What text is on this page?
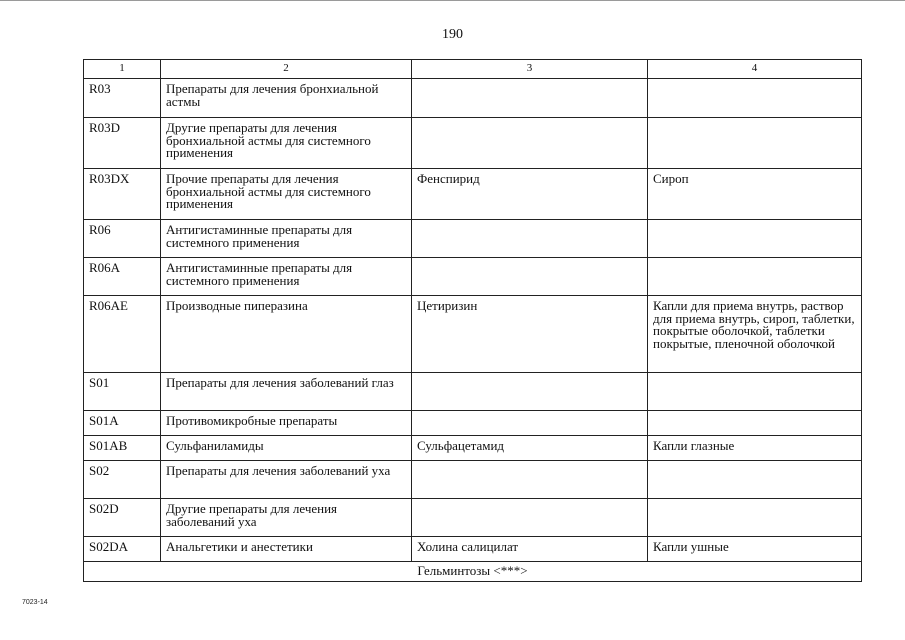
190
1	2	3	4
R03	Препараты для лечения бронхиальной астмы		
R03D	Другие препараты для лечения бронхиальной астмы для системного применения		
R03DX	Прочие препараты для лечения бронхиальной астмы для системного применения	Фенспирид	Сироп
R06	Антигистаминные препараты для системного применения		
R06A	Антигистаминные препараты для системного применения		
R06AE	Производные пиперазина	Цетиризин	Капли для приема внутрь, раствор для приема внутрь, сироп, таблетки, покрытые оболочкой, таблетки покрытые, пленочной оболочкой
S01	Препараты для лечения заболеваний глаз		
S01A	Противомикробные препараты		
S01AB	Сульфаниламиды	Сульфацетамид	Капли глазные
S02	Препараты для лечения заболеваний уха		
S02D	Другие препараты для лечения заболеваний уха		
S02DA	Анальгетики и анестетики	Холина салицилат	Капли ушные
Гельминтозы <***>			
7023-14
